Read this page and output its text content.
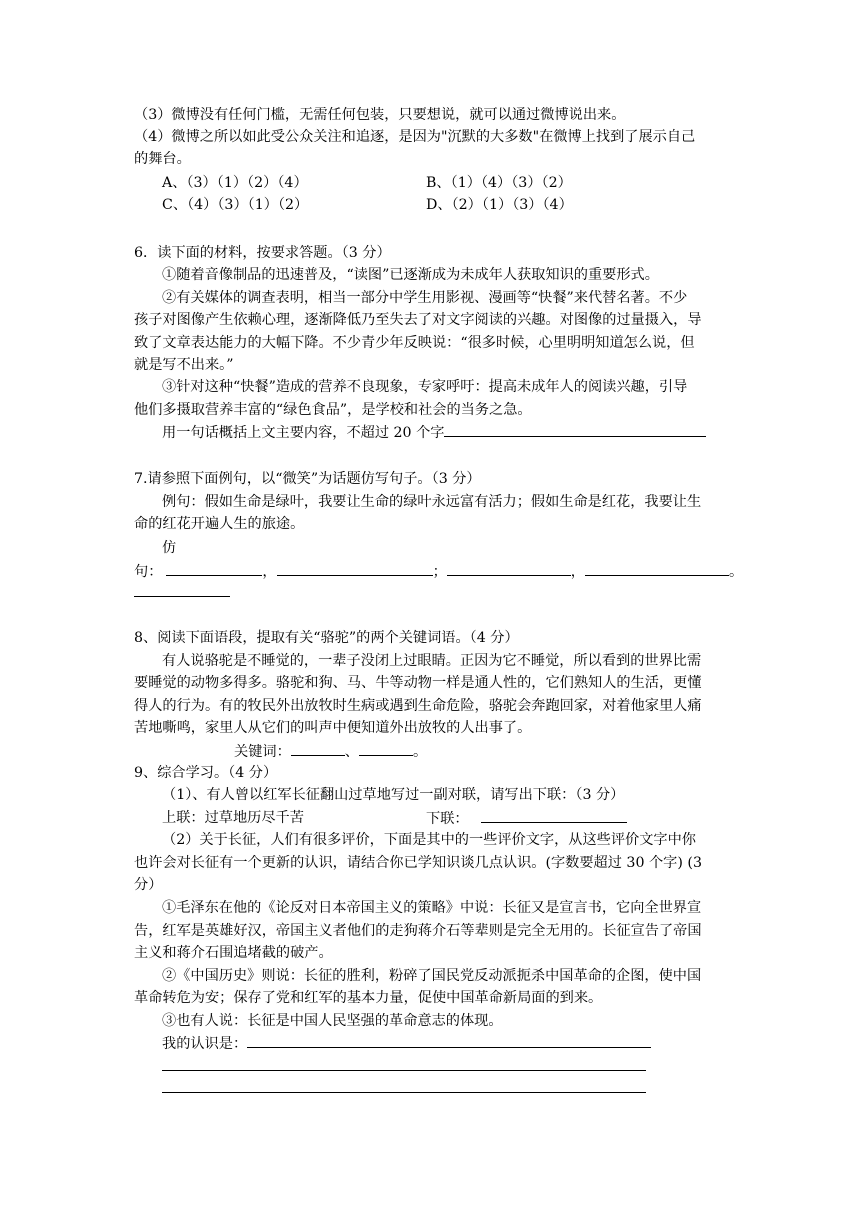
（3）微博没有任何门槛，无需任何包装，只要想说，就可以通过微博说出来。
（4）微博之所以如此受公众关注和追逐，是因为"沉默的大多数"在微博上找到了展示自己
的舞台。
A、（3）（1）（2）（4）	B、（1）（4）（3）（2）
C、（4）（3）（1）（2）	D、（2）（1）（3）（4）
6．读下面的材料，按要求答题。（3 分）
①随着音像制品的迅速普及，“读图”已逐渐成为未成年人获取知识的重要形式。
②有关媒体的调查表明，相当一部分中学生用影视、漫画等“快餐”来代替名著。不少
孩子对图像产生依赖心理，逐渐降低乃至失去了对文字阅读的兴趣。对图像的过量摄入，导
致了文章表达能力的大幅下降。不少青少年反映说：“很多时候，心里明明知道怎么说，但
就是写不出来。”
③针对这种“快餐”造成的营养不良现象，专家呼吁：提高未成年人的阅读兴趣，引导
他们多摄取营养丰富的“绿色食品”，是学校和社会的当务之急。
用一句话概括上文主要内容，不超过 20 个字
7.请参照下面例句，以“微笑”为话题仿写句子。（3 分）
例句：假如生命是绿叶，我要让生命的绿叶永远富有活力；假如生命是红花，我要让生
命的红花开遍人生的旅途。
仿
句：	，	；	，	。
8、阅读下面语段，提取有关“骆驼”的两个关键词语。（4 分）
有人说骆驼是不睡觉的，一辈子没闭上过眼睛。正因为它不睡觉，所以看到的世界比需
要睡觉的动物多得多。骆驼和狗、马、牛等动物一样是通人性的，它们熟知人的生活，更懂
得人的行为。有的牧民外出放牧时生病或遇到生命危险，骆驼会奔跑回家，对着他家里人痛
苦地嘶鸣，家里人从它们的叫声中便知道外出放牧的人出事了。
关键词：	、	。
9、综合学习。（4 分）
（1）、有人曾以红军长征翻山过草地写过一副对联，请写出下联：（3 分）
上联：过草地历尽千苦	下联：
（2）关于长征，人们有很多评价，下面是其中的一些评价文字，从这些评价文字中你
也许会对长征有一个更新的认识，请结合你已学知识谈几点认识。(字数要超过 30 个字) (3
分）
①毛泽东在他的《论反对日本帝国主义的策略》中说：长征又是宣言书，它向全世界宣
告，红军是英雄好汉，帝国主义者他们的走狗蒋介石等辈则是完全无用的。长征宣告了帝国
主义和蒋介石围追堵截的破产。
②《中国历史》则说：长征的胜利，粉碎了国民党反动派扼杀中国革命的企图，使中国
革命转危为安；保存了党和红军的基本力量，促使中国革命新局面的到来。
③也有人说：长征是中国人民坚强的革命意志的体现。
我的认识是：
